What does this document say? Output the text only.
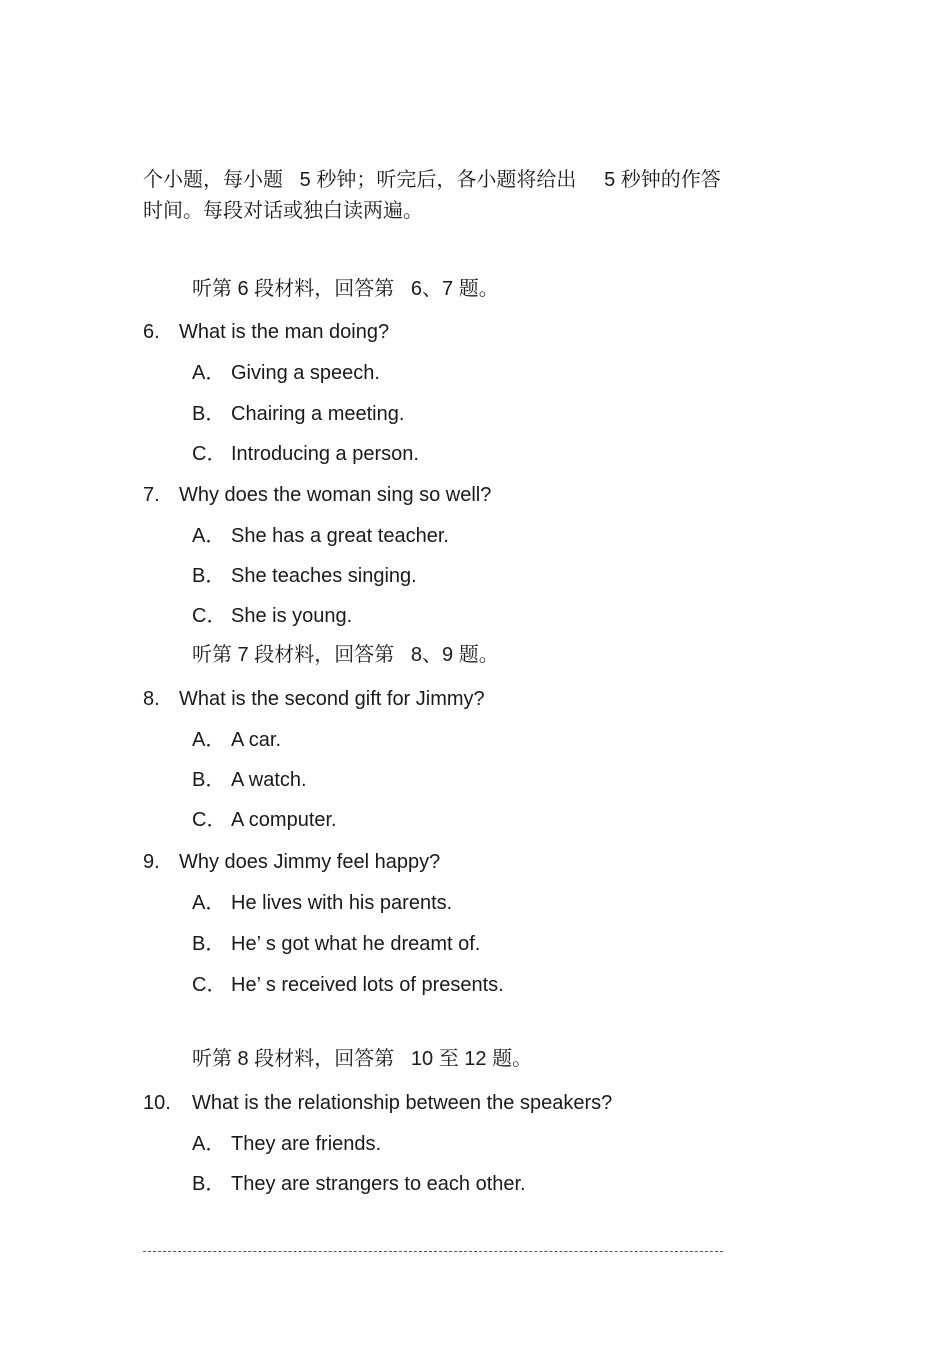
个小题，每小题   5 秒钟；听完后，各小题将给出     5 秒钟的作答
时间。每段对话或独白读两遍。
听第 6 段材料，回答第   6、7 题。
6. What is the man doing?
A． Giving a speech.
B． Chairing a meeting.
C． Introducing a person.
7. Why does the woman sing so well?
A． She has a great teacher.
B． She teaches singing.
C． She is young.
听第 7 段材料，回答第   8、9 题。
8. What is the second gift for Jimmy?
A． A car.
B． A watch.
C． A computer.
9. Why does Jimmy feel happy?
A． He lives with his parents.
B． He’ s got what he dreamt of.
C． He’ s received lots of presents.
听第 8 段材料，回答第   10 至 12 题。
10. What is the relationship between the speakers?
A． They are friends.
B． They are strangers to each other.
